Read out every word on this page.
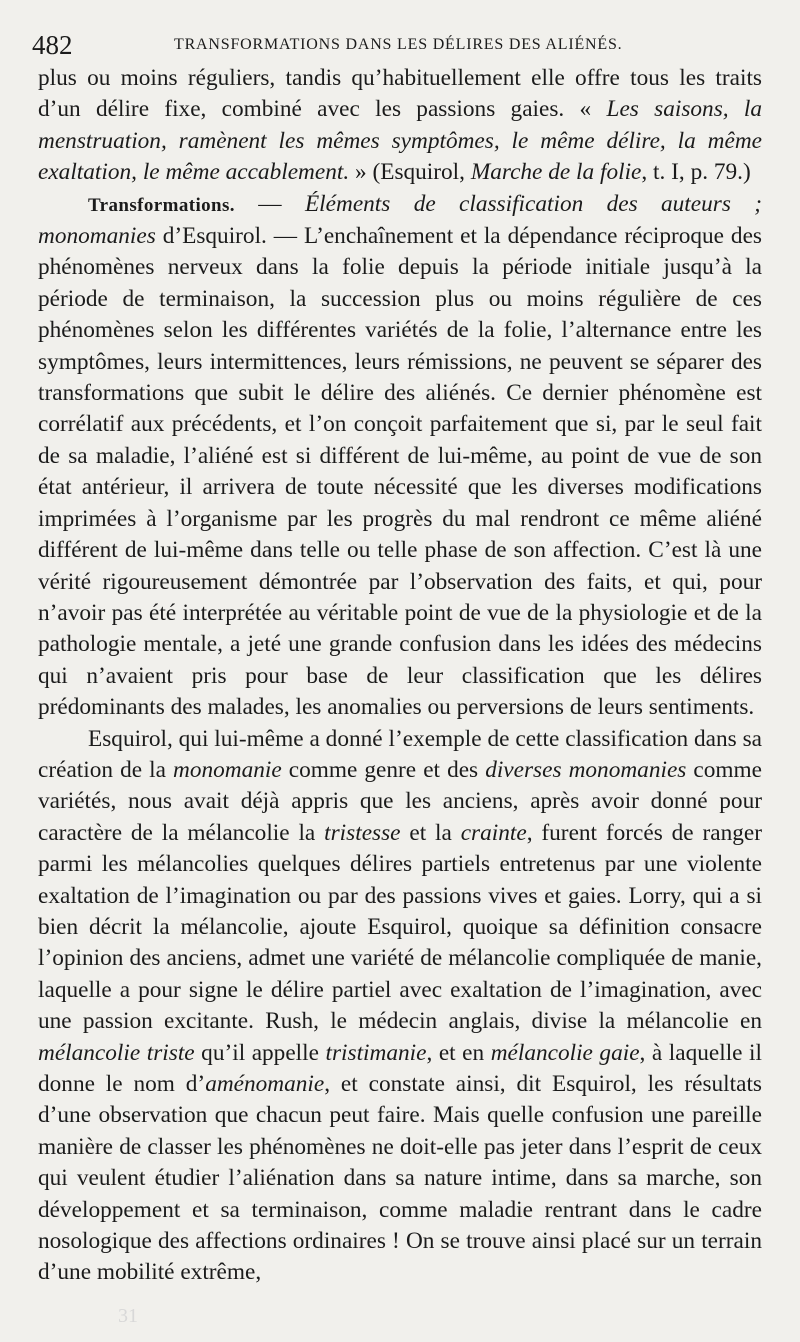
482	TRANSFORMATIONS DANS LES DÉLIRES DES ALIÉNÉS.

plus ou moins réguliers, tandis qu’habituellement elle offre tous les traits d’un délire fixe, combiné avec les passions gaies. « Les saisons, la menstruation, ramènent les mêmes symptômes, le même délire, la même exaltation, le même accablement. » (Esquirol, Marche de la folie, t. I, p. 79.)

Transformations. — Éléments de classification des auteurs ; monomanies d’Esquirol. — L’enchaînement et la dépendance réciproque des phénomènes nerveux dans la folie depuis la période initiale jusqu’à la période de terminaison, la succession plus ou moins régulière de ces phénomènes selon les différentes variétés de la folie, l’alternance entre les symptômes, leurs intermittences, leurs rémissions, ne peuvent se séparer des transformations que subit le délire des aliénés. Ce dernier phénomène est corrélatif aux précédents, et l’on conçoit parfaitement que si, par le seul fait de sa maladie, l’aliéné est si différent de lui-même, au point de vue de son état antérieur, il arrivera de toute nécessité que les diverses modifications imprimées à l’organisme par les progrès du mal rendront ce même aliéné différent de lui-même dans telle ou telle phase de son affection. C’est là une vérité rigoureusement démontrée par l’observation des faits, et qui, pour n’avoir pas été interprétée au véritable point de vue de la physiologie et de la pathologie mentale, a jeté une grande confusion dans les idées des médecins qui n’avaient pris pour base de leur classification que les délires prédominants des malades, les anomalies ou perversions de leurs sentiments.

Esquirol, qui lui-même a donné l’exemple de cette classification dans sa création de la monomanie comme genre et des diverses monomanies comme variétés, nous avait déjà appris que les anciens, après avoir donné pour caractère de la mélancolie la tristesse et la crainte, furent forcés de ranger parmi les mélancolies quelques délires partiels entretenus par une violente exaltation de l’imagination ou par des passions vives et gaies. Lorry, qui a si bien décrit la mélancolie, ajoute Esquirol, quoique sa définition consacre l’opinion des anciens, admet une variété de mélancolie compliquée de manie, laquelle a pour signe le délire partiel avec exaltation de l’imagination, avec une passion excitante. Rush, le médecin anglais, divise la mélancolie en mélancolie triste qu’il appelle tristimanie, et en mélancolie gaie, à laquelle il donne le nom d’aménomanie, et constate ainsi, dit Esquirol, les résultats d’une observation que chacun peut faire. Mais quelle confusion une pareille manière de classer les phénomènes ne doit-elle pas jeter dans l’esprit de ceux qui veulent étudier l’aliénation dans sa nature intime, dans sa marche, son développement et sa terminaison, comme maladie rentrant dans le cadre nosologique des affections ordinaires ! On se trouve ainsi placé sur un terrain d’une mobilité extrême,

31
